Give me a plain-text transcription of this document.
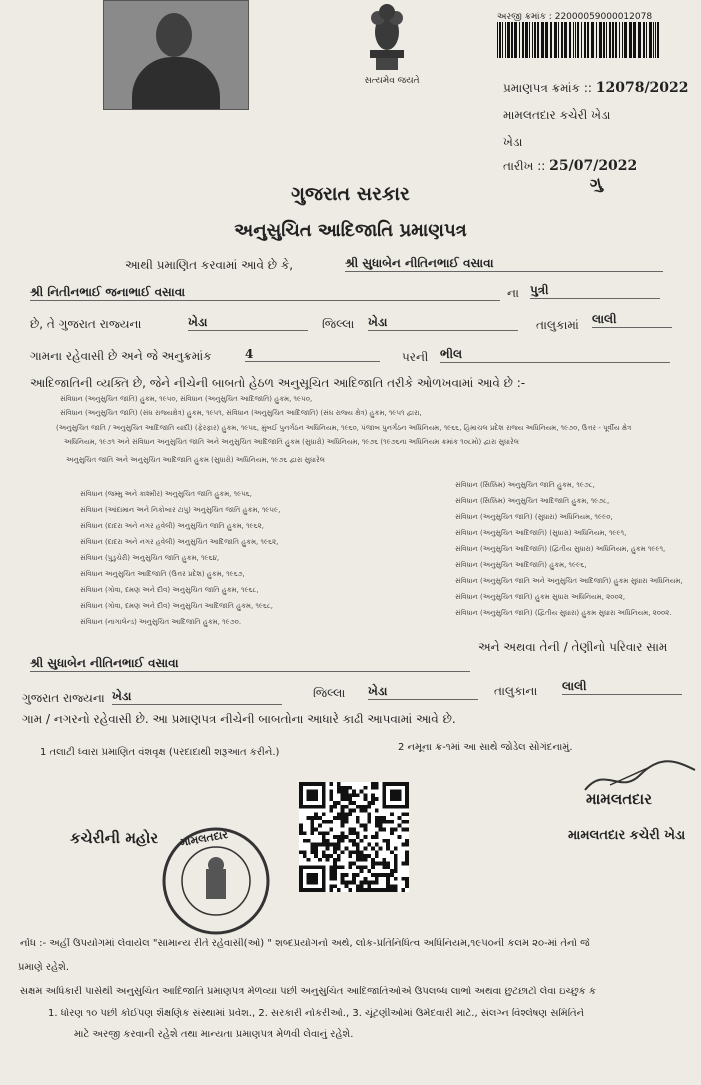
સત્યમેવ જયતે
અરજી ક્રમાંક : 22000059000012078
પ્રમાણપત્ર ક્રમાંક :: 12078/2022
મામલતદાર કચેરી ખેડા
ખેડા
તારીખ :: 25/07/2022
ગુ
ગુજરાત સરકાર
અનુસુચિત આદિજાતિ પ્રમાણપત્ર
આથી પ્રમાણિત કરવામાં આવે છે કે,	શ્રી સુધાબેન નીતિનભાઈ વસાવા
શ્રી નિતીનભાઈ જનાભાઈ વસાવા	ના પુત્રી
છે, તે ગુજરાત રાજ્યના	ખેડા	જિલ્લા ખેડા	તાલુકામાં લાલી
ગામના રહેવાસી છે અને જે અનુક્રમાંક	4	પરની ભીલ
આદિજાતિની વ્યક્તિ છે, જેને નીચેની બાબતો હેઠળ અનુસૂચિત આદિજાતિ તરીકે ઓળખવામાં આવે છે :-
સંવિધાન (અનુસુચિત જાતિ) હુકમ, ૧૯૫૦, સંવિધાન (અનુસુચિત આદિજાતિ) હુકમ, ૧૯૫૦,
સંવિધાન (અનુસુચિત જાતિ) (સંઘ રાજ્યક્ષેત્ર) હુકમ, ૧૯૫૧, સંવિધાન (અનુસુચિત આદિજાતિ) (સંઘ રાજ્ય ક્ષેત્ર) હુકમ, ૧૯૫૧ દ્વારા,
(અનુસુચિત જાતિ / અનુસુચિત આદિજાતિ યાદી) (ફેરફાર) હુકમ, ૧૯૫૬, મુંબઈ પુનર્ગઠન અધિનિયમ, ૧૯૬૦, પંજાબ પુનર્ગઠન અધિનિયમ, ૧૯૬૬, હિમાચલ પ્રદેશ રાજ્ય અધિનિયમ, ૧૯૭૦, ઉત્તર - પૂર્વીય ક્ષેત્ર
અધિનિયમ, ૧૯૭૧ અને સંવિધાન અનુસુચિત જાતિ અને અનુસુચિત આદિજાતિ હુકમ (સુધારો) અધિનિયમ, ૧૯૭૬ (૧૯૭૬ના અધિનિયમ ક્રમાંક ૧૦૮મો) દ્વારા સુધારેલ
અનુસુચિત જાતિ અને અનુસુચિત આદિજાતિ હુકમ (સુધારો) અધિનિયમ, ૧૯૭૬ દ્વારા સુધારેલ
સંવિધાન (જમ્મુ અને કાશ્મીર) અનુસુચિત જાતિ હુકમ, ૧૯૫૬,
સંવિધાન (આંદામાન અને નિકોબાર ટાપુ) અનુસુચિત જાતિ હુકમ, ૧૯૫૯,
સંવિધાન (દાદરા અને નગર હવેલી) અનુસુચિત જાતિ હુકમ, ૧૯૬૨,
સંવિધાન (દાદરા અને નગર હવેલી) અનુસુચિત આદિજાતિ હુકમ, ૧૯૬૨,
સંવિધાન (પુડુચેરી) અનુસુચિત જાતિ હુકમ, ૧૯૬૪,
સંવિધાન અનુસુચિત આદિજાતિ (ઉત્તર પ્રદેશ) હુકમ, ૧૯૬૭,
સંવિધાન (ગોવા, દમણ અને દીવ) અનુસુચિત જાતિ હુકમ, ૧૯૬૮,
સંવિધાન (ગોવા, દમણ અને દીવ) અનુસુચિત આદિજાતિ હુકમ, ૧૯૬૮,
સંવિધાન (નાગાલેન્ડ) અનુસુચિત આદિજાતિ હુકમ, ૧૯૭૦.
સંવિધાન (સિક્કિમ) અનુસુચિત જાતિ હુકમ, ૧૯૭૮,
સંવિધાન (સિક્કિમ) અનુસુચિત આદિજાતિ હુકમ, ૧૯૭૮,
સંવિધાન (અનુસુચિત જાતિ) (સુધારા) અધિનિયમ, ૧૯૯૦,
સંવિધાન (અનુસુચિત આદિજાતિ) (સુધારા) અધિનિયમ, ૧૯૯૧,
સંવિધાન (અનુસુચિત આદિજાતિ) (દ્વિતીય સુધારા) અધિનિયમ, હુકમ ૧૯૯૧,
સંવિધાન (અનુસુચિત આદિજાતિ) હુકમ, ૧૯૯૬,
સંવિધાન (અનુસુચિત જાતિ અને અનુસુચિત આદિજાતિ) હુકમ સુધારા અધિનિયમ,
સંવિધાન (અનુસુચિત જાતિ) હુકમ સુધારા અધિનિયમ, ૨૦૦૨,
સંવિધાન (અનુસુચિત જાતિ) (દ્વિતીય સુધારા) હુકમ સુધારા અધિનિયમ, ૨૦૦૨.
અને અથવા તેની / તેણીનો પરિવાર સામ
શ્રી સુધાબેન નીતિનભાઈ વસાવા
ગુજરાત રાજ્યના ખેડા	જિલ્લા ખેડા	તાલુકાના લાલી
ગામ / નગરનો રહેવાસી છે. આ પ્રમાણપત્ર નીચેની બાબતોના આધારે કાઢી આપવામાં આવે છે.
1 તલાટી ધ્વારા પ્રમાણિત વંશવૃક્ષ (પરદાદાથી શરૂઆત કરીને.)	2 નમૂના ક્ર-૧માં આ સાથે જોડેલ સોગંદનામું.
મામલતદાર
મામલતદાર કચેરી ખેડા
કચેરીની મહોર મામલતદાર
નોંધ :- અહીં ઉપયોગમાં લેવાયેલ "સામાન્ય રીતે રહેવાસી(ઓ) " શબ્દપ્રયોગનો અર્થ, લોક-પ્રતિનિધિત્વ અધિનિયમ,૧૯૫૦ની કલમ ૨૦-માં તેનો જે
પ્રમાણે રહેશે.
સક્ષમ અધિકારી પાસેથી અનુસુચિત આદિજાતિ પ્રમાણપત્ર મેળવ્યા પછી અનુસુચિત આદિજાતિઓએ ઉપલબ્ધ લાભો અથવા છુટછાટો લેવા ઇચ્છુક ક
1. ધોરણ ૧૦ પછી કોઈપણ શૈક્ષણિક સંસ્થામાં પ્રવેશ., 2. સરકારી નોકરીઓ., 3. ચૂંટણીઓમાં ઉમેદવારી માટે., સંલગ્ન વિશ્લેષણ સમિતિને
માટે અરજી કરવાની રહેશે તથા માન્યતા પ્રમાણપત્ર મેળવી લેવાનું રહેશે.
